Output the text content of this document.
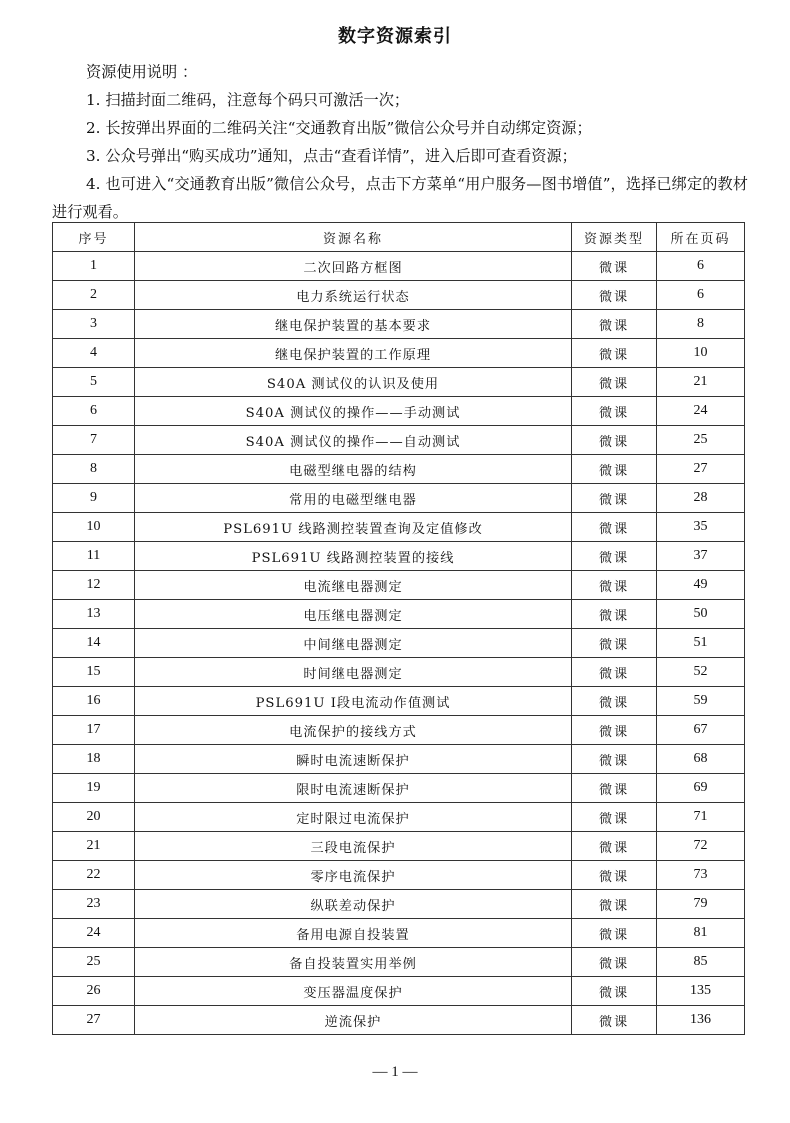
数字资源索引

资源使用说明 ：

1. 扫描封面二维码，注意每个码只可激活一次；

2. 长按弹出界面的二维码关注“交通教育出版”微信公众号并自动绑定资源；

3. 公众号弹出“购买成功”通知，点击“查看详情”，进入后即可查看资源；

4. 也可进入“交通教育出版”微信公众号，点击下方菜单“用户服务—图书增值”，选择已绑定的教材进行观看。

序号	资源名称	资源类型	所在页码
1	二次回路方框图	微课	6
2	电力系统运行状态	微课	6
3	继电保护装置的基本要求	微课	8
4	继电保护装置的工作原理	微课	10
5	S40A 测试仪的认识及使用	微课	21
6	S40A 测试仪的操作——手动测试	微课	24
7	S40A 测试仪的操作——自动测试	微课	25
8	电磁型继电器的结构	微课	27
9	常用的电磁型继电器	微课	28
10	PSL691U 线路测控装置查询及定值修改	微课	35
11	PSL691U 线路测控装置的接线	微课	37
12	电流继电器测定	微课	49
13	电压继电器测定	微课	50
14	中间继电器测定	微课	51
15	时间继电器测定	微课	52
16	PSL691U Ⅰ段电流动作值测试	微课	59
17	电流保护的接线方式	微课	67
18	瞬时电流速断保护	微课	68
19	限时电流速断保护	微课	69
20	定时限过电流保护	微课	71
21	三段电流保护	微课	72
22	零序电流保护	微课	73
23	纵联差动保护	微课	79
24	备用电源自投装置	微课	81
25	备自投装置实用举例	微课	85
26	变压器温度保护	微课	135
27	逆流保护	微课	136
— 1 —
